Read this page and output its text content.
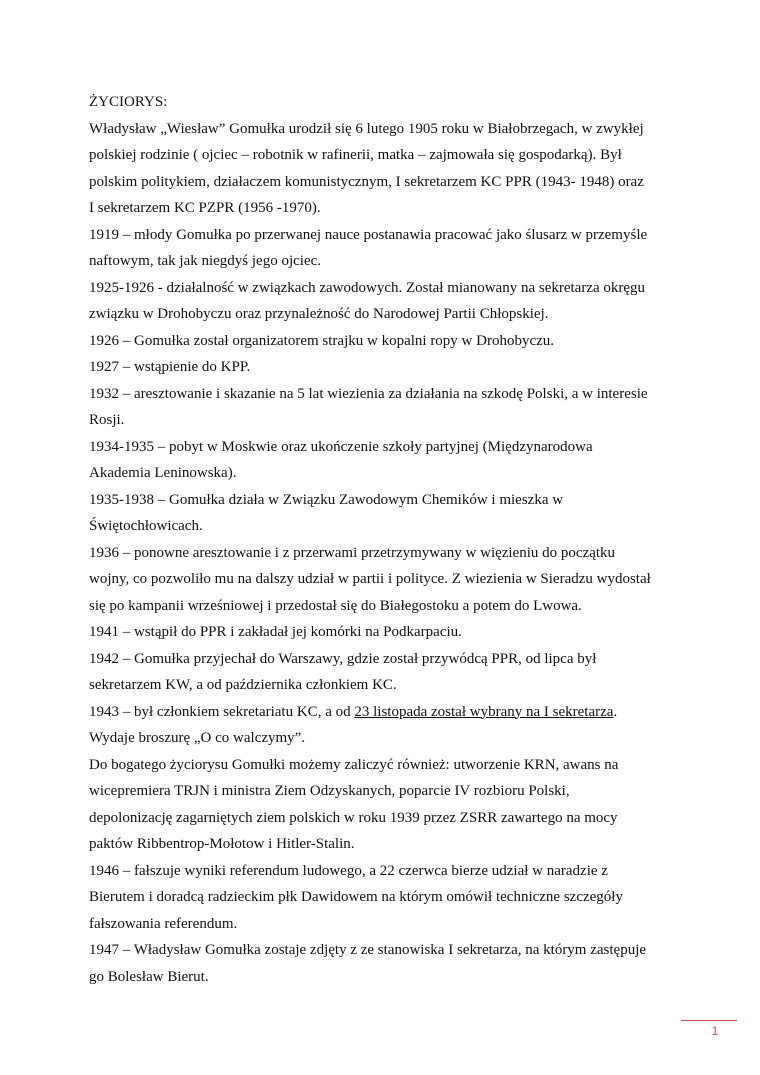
ŻYCIORYS:
Władysław „Wiesław” Gomułka urodził się 6 lutego 1905 roku w Białobrzegach, w zwykłej
polskiej rodzinie ( ojciec – robotnik w rafinerii, matka – zajmowała się gospodarką). Był
polskim politykiem, działaczem komunistycznym, I sekretarzem KC PPR (1943- 1948) oraz
I sekretarzem KC PZPR (1956 -1970).
1919 – młody Gomułka po przerwanej nauce postanawia pracować jako ślusarz w przemyśle
naftowym, tak jak niegdyś jego ojciec.
1925-1926 - działalność w związkach zawodowych. Został mianowany na sekretarza okręgu
związku w Drohobyczu oraz przynależność do Narodowej Partii Chłopskiej.
1926 – Gomułka został organizatorem strajku w kopalni ropy w Drohobyczu.
1927 – wstąpienie do KPP.
1932 – aresztowanie i skazanie na 5 lat wiezienia za działania na szkodę Polski, a w interesie
Rosji.
1934-1935 – pobyt w Moskwie oraz ukończenie szkoły partyjnej (Międzynarodowa
Akademia Leninowska).
1935-1938 – Gomułka działa w Związku Zawodowym Chemików i mieszka w
Świętochłowicach.
1936 – ponowne aresztowanie i z przerwami przetrzymywany w więzieniu do początku
wojny, co pozwoliło mu na dalszy udział w partii i polityce. Z wiezienia w Sieradzu wydostał
się po kampanii wrześniowej i przedostał się do Białegostoku a potem do Lwowa.
1941 – wstąpił do PPR i zakładał jej komórki na Podkarpaciu.
1942 – Gomułka przyjechał do Warszawy, gdzie został przywódcą PPR, od lipca był
sekretarzem KW, a od października członkiem KC.
1943 – był członkiem sekretariatu KC, a od 23 listopada został wybrany na I sekretarza.
Wydaje broszurę „O co walczymy”.
Do bogatego życiorysu Gomułki możemy zaliczyć również: utworzenie KRN, awans na
wicepremiera TRJN i ministra Ziem Odzyskanych, poparcie IV rozbioru Polski,
depolonizację zagarniętych ziem polskich w roku 1939 przez ZSRR zawartego na mocy
paktów Ribbentrop-Mołotow i Hitler-Stalin.
1946 – fałszuje wyniki referendum ludowego, a 22 czerwca bierze udział w naradzie z
Bierutem i doradcą radzieckim płk Dawidowem na którym omówił techniczne szczegóły
fałszowania referendum.
1947 – Władysław Gomułka zostaje zdjęty z ze stanowiska I sekretarza, na którym zastępuje
go Bolesław Bierut.
1
